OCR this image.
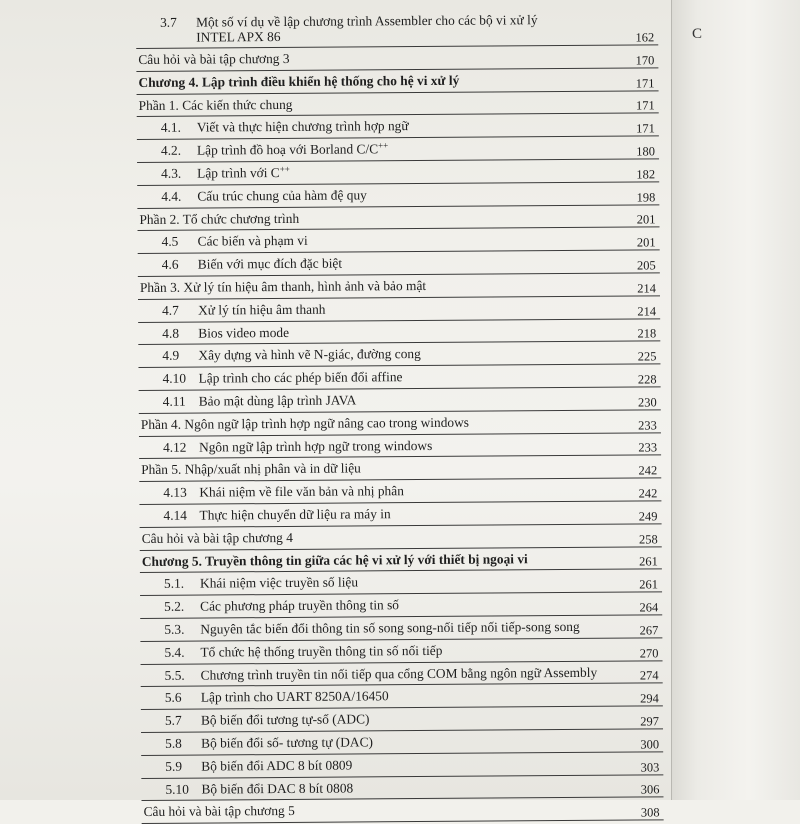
C
3.7 Một số ví dụ về lập chương trình Assembler cho các bộ vi xử lý
INTEL APX 86	162
Câu hỏi và bài tập chương 3	170
Chương 4. Lập trình điều khiển hệ thống cho hệ vi xử lý	171
Phần 1. Các kiến thức chung	171
4.1. Viết và thực hiện chương trình hợp ngữ	171
4.2. Lập trình đồ hoạ với Borland C/C++	180
4.3. Lập trình với C++	182
4.4. Cấu trúc chung của hàm đệ quy	198
Phần 2. Tổ chức chương trình	201
4.5 Các biến và phạm vi	201
4.6 Biến với mục đích đặc biệt	205
Phần 3. Xử lý tín hiệu âm thanh, hình ảnh và bảo mật	214
4.7 Xử lý tín hiệu âm thanh	214
4.8 Bios video mode	218
4.9 Xây dựng và hình vẽ N-giác, đường cong	225
4.10 Lập trình cho các phép biến đổi affine	228
4.11 Bảo mật dùng lập trình JAVA	230
Phần 4. Ngôn ngữ lập trình hợp ngữ nâng cao trong windows	233
4.12 Ngôn ngữ lập trình hợp ngữ trong windows	233
Phần 5. Nhập/xuất nhị phân và in dữ liệu	242
4.13 Khái niệm về file văn bản và nhị phân	242
4.14 Thực hiện chuyển dữ liệu ra máy in	249
Câu hỏi và bài tập chương 4	258
Chương 5. Truyền thông tin giữa các hệ vi xử lý với thiết bị ngoại vi	261
5.1. Khái niệm việc truyền số liệu	261
5.2. Các phương pháp truyền thông tin số	264
5.3. Nguyên tắc biến đổi thông tin số song song-nối tiếp nối tiếp-song song	267
5.4. Tổ chức hệ thống truyền thông tin số nối tiếp	270
5.5. Chương trình truyền tin nối tiếp qua cổng COM bằng ngôn ngữ Assembly	274
5.6 Lập trình cho UART 8250A/16450	294
5.7 Bộ biến đổi tương tự-số (ADC)	297
5.8 Bộ biến đổi số- tương tự (DAC)	300
5.9 Bộ biến đổi ADC 8 bít 0809	303
5.10 Bộ biến đổi DAC 8 bít 0808	306
Câu hỏi và bài tập chương 5	308
